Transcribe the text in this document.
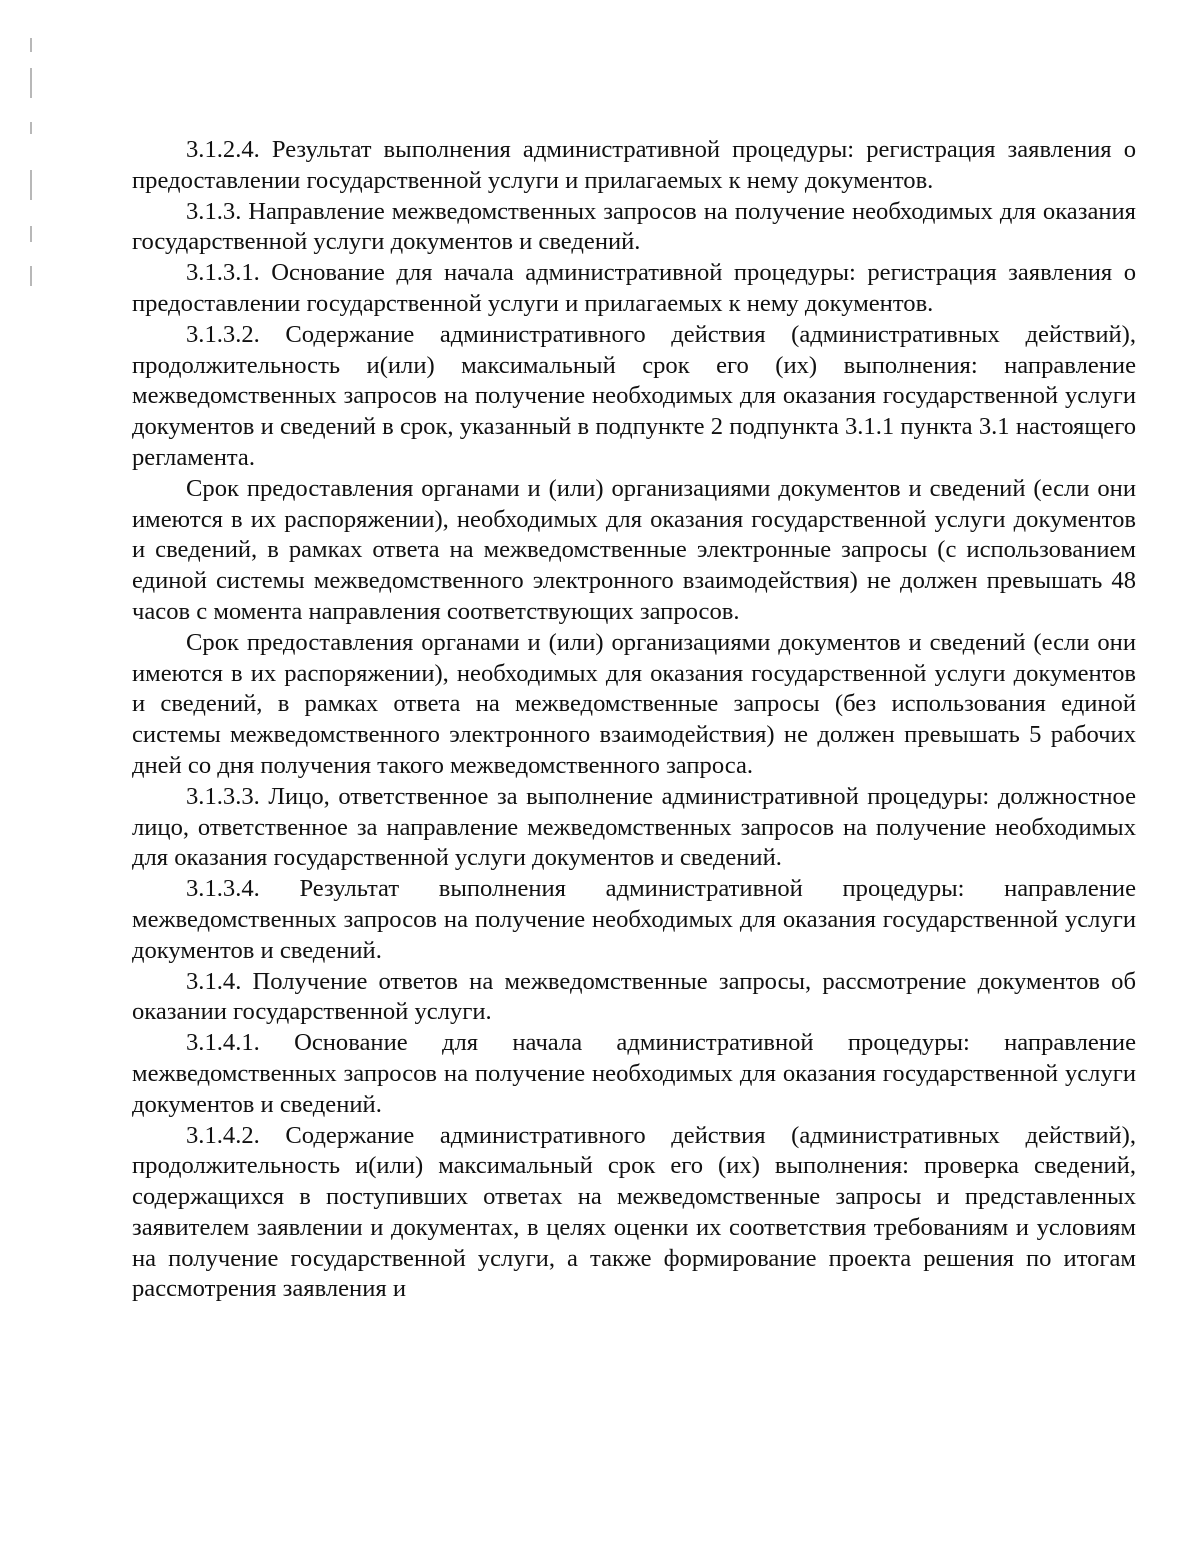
3.1.2.4. Результат выполнения административной процедуры: регистрация заявления о предоставлении государственной услуги и прилагаемых к нему документов.

3.1.3. Направление межведомственных запросов на получение необходимых для оказания государственной услуги документов и сведений.

3.1.3.1. Основание для начала административной процедуры: регистрация заявления о предоставлении государственной услуги и прилагаемых к нему документов.

3.1.3.2. Содержание административного действия (административных действий), продолжительность и(или) максимальный срок его (их) выполнения: направление межведомственных запросов на получение необходимых для оказания государственной услуги документов и сведений в срок, указанный в подпункте 2 подпункта 3.1.1 пункта 3.1 настоящего регламента.

Срок предоставления органами и (или) организациями документов и сведений (если они имеются в их распоряжении), необходимых для оказания государственной услуги документов и сведений, в рамках ответа на межведомственные электронные запросы (с использованием единой системы межведомственного электронного взаимодействия) не должен превышать 48 часов с момента направления соответствующих запросов.

Срок предоставления органами и (или) организациями документов и сведений (если они имеются в их распоряжении), необходимых для оказания государственной услуги документов и сведений, в рамках ответа на межведомственные запросы (без использования единой системы межведомственного электронного взаимодействия) не должен превышать 5 рабочих дней со дня получения такого межведомственного запроса.

3.1.3.3. Лицо, ответственное за выполнение административной процедуры: должностное лицо, ответственное за направление межведомственных запросов на получение необходимых для оказания государственной услуги документов и сведений.

3.1.3.4. Результат выполнения административной процедуры: направление межведомственных запросов на получение необходимых для оказания государственной услуги документов и сведений.

3.1.4. Получение ответов на межведомственные запросы, рассмотрение документов об оказании государственной услуги.

3.1.4.1. Основание для начала административной процедуры: направление межведомственных запросов на получение необходимых для оказания государственной услуги документов и сведений.

3.1.4.2. Содержание административного действия (административных действий), продолжительность и(или) максимальный срок его (их) выполнения: проверка сведений, содержащихся в поступивших ответах на межведомственные запросы и представленных заявителем заявлении и документах, в целях оценки их соответствия требованиям и условиям на получение государственной услуги, а также формирование проекта решения по итогам рассмотрения заявления и
